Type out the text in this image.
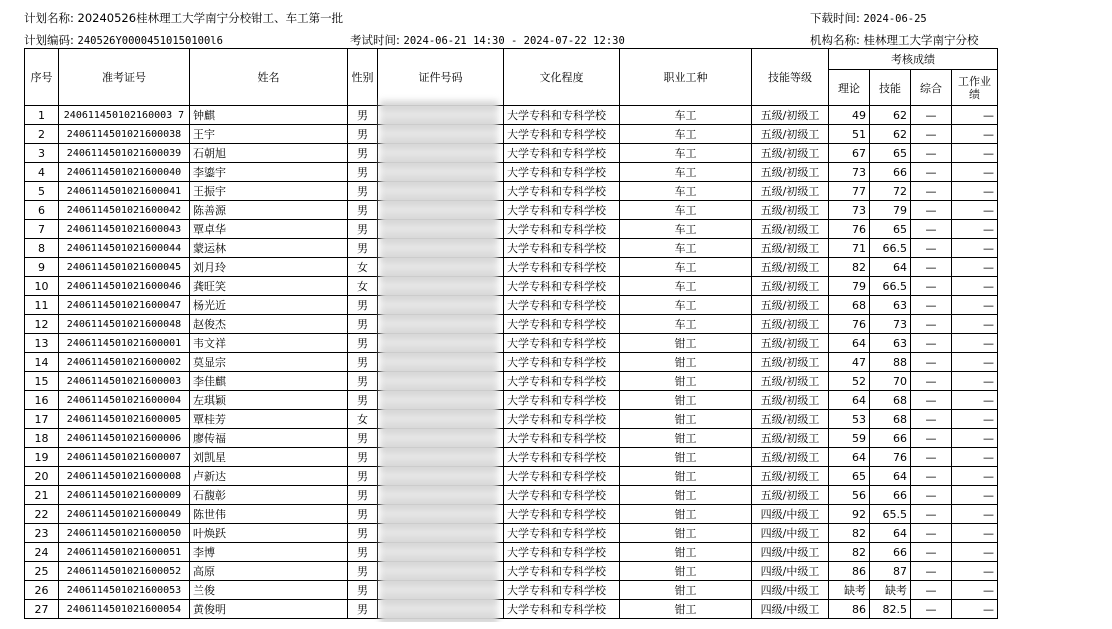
计划名称: 20240526桂林理工大学南宁分校钳工、车工第一批	下载时间: 2024-06-25
计划编码: 240526Y00004510150100l6	考试时间: 2024-06-21 14:30 - 2024-07-22 12:30	机构名称: 桂林理工大学南宁分校
序号	准考证号	姓名	性别	证件号码	文化程度	职业工种	技能等级	考核成绩			
								理论	技能	综合	工作业绩
1	240611450102160003 7	钟麒	男		大学专科和专科学校	车工	五级/初级工	49	62	—	—
2	2406114501021600038	王宇	男		大学专科和专科学校	车工	五级/初级工	51	62	—	—
3	2406114501021600039	石朝旭	男		大学专科和专科学校	车工	五级/初级工	67	65	—	—
4	2406114501021600040	李鎏宇	男		大学专科和专科学校	车工	五级/初级工	73	66	—	—
5	2406114501021600041	王振宇	男		大学专科和专科学校	车工	五级/初级工	77	72	—	—
6	2406114501021600042	陈善源	男		大学专科和专科学校	车工	五级/初级工	73	79	—	—
7	2406114501021600043	覃卓华	男		大学专科和专科学校	车工	五级/初级工	76	65	—	—
8	2406114501021600044	蒙运林	男		大学专科和专科学校	车工	五级/初级工	71	66.5	—	—
9	2406114501021600045	刘月玲	女		大学专科和专科学校	车工	五级/初级工	82	64	—	—
10	2406114501021600046	龚旺笑	女		大学专科和专科学校	车工	五级/初级工	79	66.5	—	—
11	2406114501021600047	杨光近	男		大学专科和专科学校	车工	五级/初级工	68	63	—	—
12	2406114501021600048	赵俊杰	男		大学专科和专科学校	车工	五级/初级工	76	73	—	—
13	2406114501021600001	韦文祥	男		大学专科和专科学校	钳工	五级/初级工	64	63	—	—
14	2406114501021600002	莫显宗	男		大学专科和专科学校	钳工	五级/初级工	47	88	—	—
15	2406114501021600003	李佳麒	男		大学专科和专科学校	钳工	五级/初级工	52	70	—	—
16	2406114501021600004	左琪颖	男		大学专科和专科学校	钳工	五级/初级工	64	68	—	—
17	2406114501021600005	覃桂芳	女		大学专科和专科学校	钳工	五级/初级工	53	68	—	—
18	2406114501021600006	廖传福	男		大学专科和专科学校	钳工	五级/初级工	59	66	—	—
19	2406114501021600007	刘凯星	男		大学专科和专科学校	钳工	五级/初级工	64	76	—	—
20	2406114501021600008	卢新达	男		大学专科和专科学校	钳工	五级/初级工	65	64	—	—
21	2406114501021600009	石馥彰	男		大学专科和专科学校	钳工	五级/初级工	56	66	—	—
22	2406114501021600049	陈世伟	男		大学专科和专科学校	钳工	四级/中级工	92	65.5	—	—
23	2406114501021600050	叶焕跃	男		大学专科和专科学校	钳工	四级/中级工	82	64	—	—
24	2406114501021600051	李博	男		大学专科和专科学校	钳工	四级/中级工	82	66	—	—
25	2406114501021600052	高原	男		大学专科和专科学校	钳工	四级/中级工	86	87	—	—
26	2406114501021600053	兰俊	男		大学专科和专科学校	钳工	四级/中级工	缺考	缺考	—	—
27	2406114501021600054	黄俊明	男		大学专科和专科学校	钳工	四级/中级工	86	82.5	—	—
